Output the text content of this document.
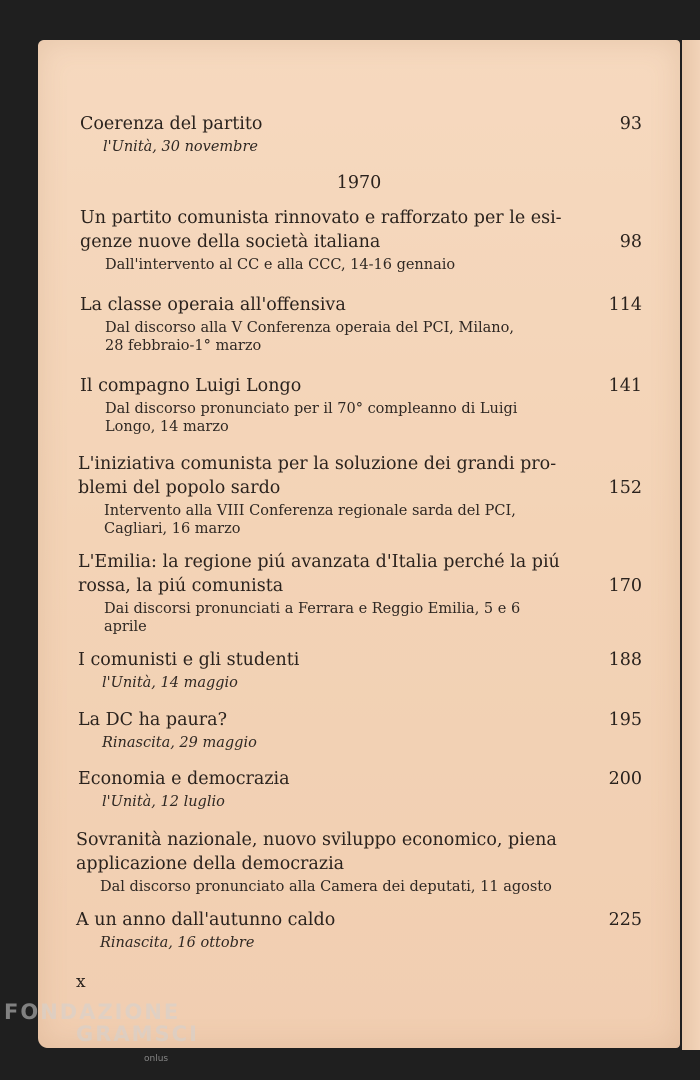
1970
Coerenza del partito	93
l'Unità, 30 novembre
Un partito comunista rinnovato e rafforzato per le esi-
genze nuove della società italiana	98
Dall'intervento al CC e alla CCC, 14-16 gennaio
La classe operaia all'offensiva	114
Dal discorso alla V Conferenza operaia del PCI, Milano,
28 febbraio-1° marzo
Il compagno Luigi Longo	141
Dal discorso pronunciato per il 70° compleanno di Luigi
Longo, 14 marzo
L'iniziativa comunista per la soluzione dei grandi pro-
blemi del popolo sardo	152
Intervento alla VIII Conferenza regionale sarda del PCI,
Cagliari, 16 marzo
L'Emilia: la regione piú avanzata d'Italia perché la piú
rossa, la piú comunista	170
Dai discorsi pronunciati a Ferrara e Reggio Emilia, 5 e 6
aprile
I comunisti e gli studenti	188
l'Unità, 14 maggio
La DC ha paura?	195
Rinascita, 29 maggio
Economia e democrazia	200
l'Unità, 12 luglio
Sovranità nazionale, nuovo sviluppo economico, piena
applicazione della democrazia
Dal discorso pronunciato alla Camera dei deputati, 11 agosto
A un anno dall'autunno caldo	225
Rinascita, 16 ottobre
x
FONDAZIONE
GRAMSCI
onlus
